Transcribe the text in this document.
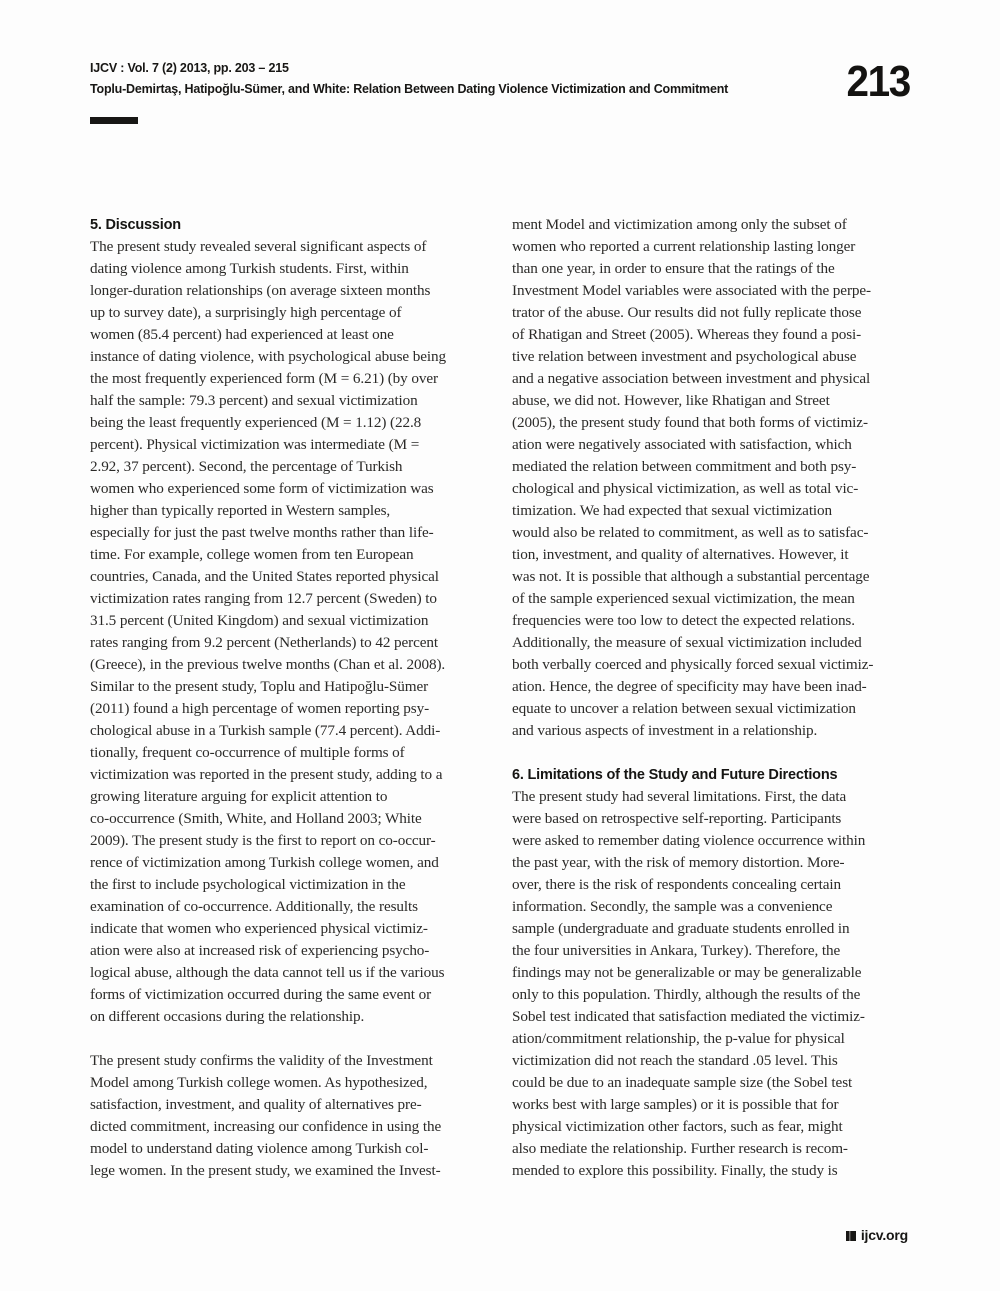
IJCV : Vol. 7 (2) 2013, pp. 203 – 215
Toplu-Demirtaş, Hatipoğlu-Sümer, and White: Relation Between Dating Violence Victimization and Commitment	213
5. Discussion
The present study revealed several significant aspects of
dating violence among Turkish students. First, within
longer-duration relationships (on average sixteen months
up to survey date), a surprisingly high percentage of
women (85.4 percent) had experienced at least one
instance of dating violence, with psychological abuse being
the most frequently experienced form (M = 6.21) (by over
half the sample: 79.3 percent) and sexual victimization
being the least frequently experienced (M = 1.12) (22.8
percent). Physical victimization was intermediate (M =
2.92, 37 percent). Second, the percentage of Turkish
women who experienced some form of victimization was
higher than typically reported in Western samples,
especially for just the past twelve months rather than life-
time. For example, college women from ten European
countries, Canada, and the United States reported physical
victimization rates ranging from 12.7 percent (Sweden) to
31.5 percent (United Kingdom) and sexual victimization
rates ranging from 9.2 percent (Netherlands) to 42 percent
(Greece), in the previous twelve months (Chan et al. 2008).
Similar to the present study, Toplu and Hatipoğlu-Sümer
(2011) found a high percentage of women reporting psy-
chological abuse in a Turkish sample (77.4 percent). Addi-
tionally, frequent co-occurrence of multiple forms of
victimization was reported in the present study, adding to a
growing literature arguing for explicit attention to
co-occurrence (Smith, White, and Holland 2003; White
2009). The present study is the first to report on co-occur-
rence of victimization among Turkish college women, and
the first to include psychological victimization in the
examination of co-occurrence. Additionally, the results
indicate that women who experienced physical victimiz-
ation were also at increased risk of experiencing psycho-
logical abuse, although the data cannot tell us if the various
forms of victimization occurred during the same event or
on different occasions during the relationship.
The present study confirms the validity of the Investment
Model among Turkish college women. As hypothesized,
satisfaction, investment, and quality of alternatives pre-
dicted commitment, increasing our confidence in using the
model to understand dating violence among Turkish col-
lege women. In the present study, we examined the Invest-
ment Model and victimization among only the subset of
women who reported a current relationship lasting longer
than one year, in order to ensure that the ratings of the
Investment Model variables were associated with the perpe-
trator of the abuse. Our results did not fully replicate those
of Rhatigan and Street (2005). Whereas they found a posi-
tive relation between investment and psychological abuse
and a negative association between investment and physical
abuse, we did not. However, like Rhatigan and Street
(2005), the present study found that both forms of victimiz-
ation were negatively associated with satisfaction, which
mediated the relation between commitment and both psy-
chological and physical victimization, as well as total vic-
timization. We had expected that sexual victimization
would also be related to commitment, as well as to satisfac-
tion, investment, and quality of alternatives. However, it
was not. It is possible that although a substantial percentage
of the sample experienced sexual victimization, the mean
frequencies were too low to detect the expected relations.
Additionally, the measure of sexual victimization included
both verbally coerced and physically forced sexual victimiz-
ation. Hence, the degree of specificity may have been inad-
equate to uncover a relation between sexual victimization
and various aspects of investment in a relationship.
6. Limitations of the Study and Future Directions
The present study had several limitations. First, the data
were based on retrospective self-reporting. Participants
were asked to remember dating violence occurrence within
the past year, with the risk of memory distortion. More-
over, there is the risk of respondents concealing certain
information. Secondly, the sample was a convenience
sample (undergraduate and graduate students enrolled in
the four universities in Ankara, Turkey). Therefore, the
findings may not be generalizable or may be generalizable
only to this population. Thirdly, although the results of the
Sobel test indicated that satisfaction mediated the victimiz-
ation/commitment relationship, the p-value for physical
victimization did not reach the standard .05 level. This
could be due to an inadequate sample size (the Sobel test
works best with large samples) or it is possible that for
physical victimization other factors, such as fear, might
also mediate the relationship. Further research is recom-
mended to explore this possibility. Finally, the study is
ijcv.org
